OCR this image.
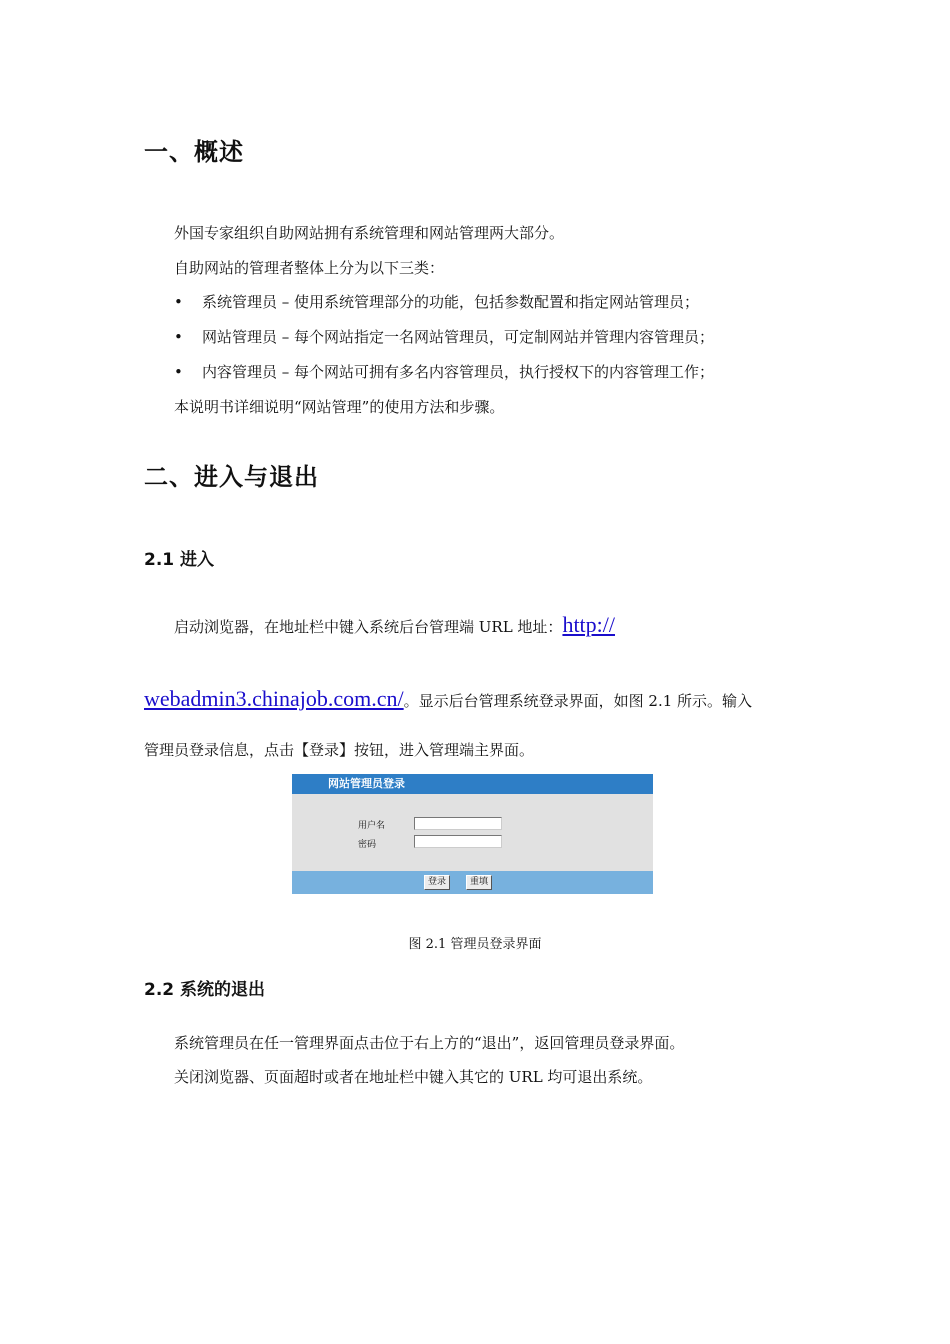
一、概述
外国专家组织自助网站拥有系统管理和网站管理两大部分。
自助网站的管理者整体上分为以下三类：
• 系统管理员 – 使用系统管理部分的功能，包括参数配置和指定网站管理员；
• 网站管理员 – 每个网站指定一名网站管理员，可定制网站并管理内容管理员；
• 内容管理员 – 每个网站可拥有多名内容管理员，执行授权下的内容管理工作；
本说明书详细说明“网站管理”的使用方法和步骤。
二、进入与退出
2.1 进入
启动浏览器，在地址栏中键入系统后台管理端 URL 地址：http://
webadmin3.chinajob.com.cn/。显示后台管理系统登录界面，如图 2.1 所示。输入
管理员登录信息，点击【登录】按钮，进入管理端主界面。
网站管理员登录
用户名
密码
登录	重填
图 2.1 管理员登录界面
2.2 系统的退出
系统管理员在任一管理界面点击位于右上方的“退出”，返回管理员登录界面。
关闭浏览器、页面超时或者在地址栏中键入其它的 URL 均可退出系统。
